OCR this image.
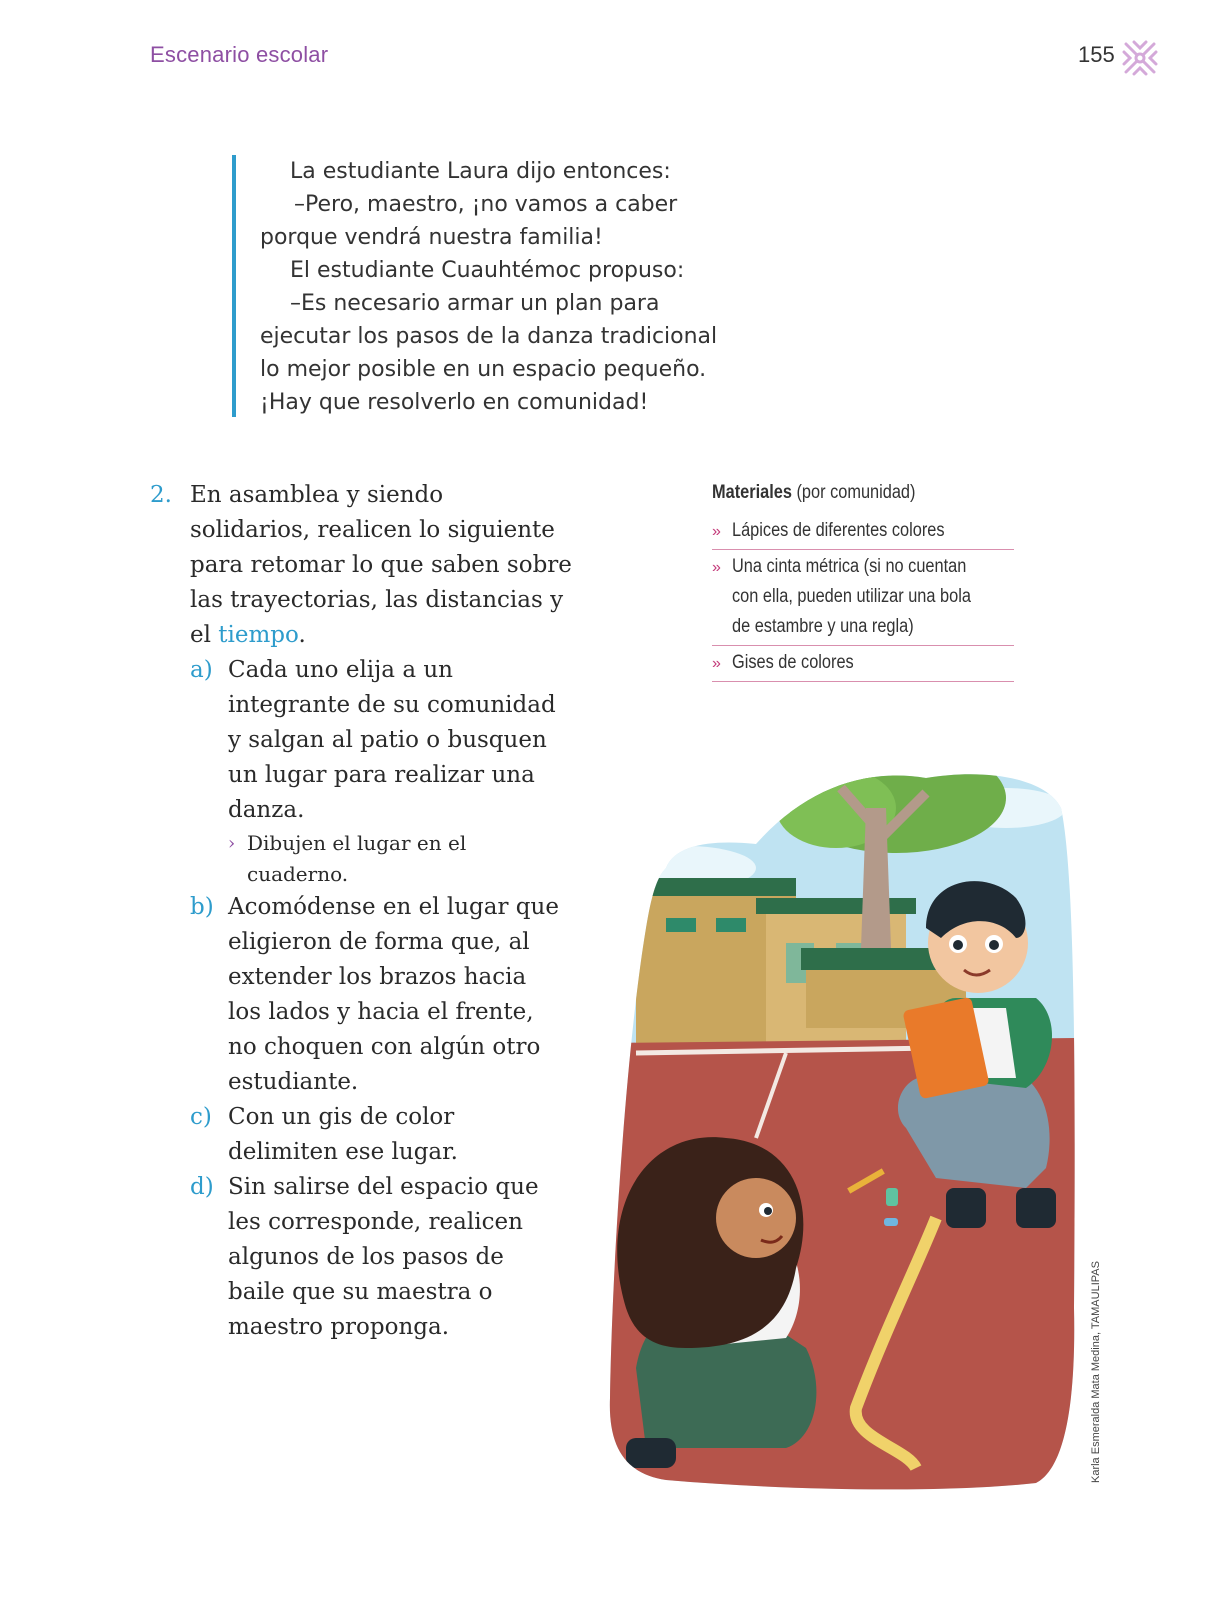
Escenario escolar	155

La estudiante Laura dijo entonces:

–Pero, maestro, ¡no vamos a caber

porque vendrá nuestra familia!

El estudiante Cuauhtémoc propuso:

–Es necesario armar un plan para

ejecutar los pasos de la danza tradicional

lo mejor posible en un espacio pequeño.

¡Hay que resolverlo en comunidad!

2. En asamblea y siendo
solidarios, realicen lo siguiente
para retomar lo que saben sobre
las trayectorias, las distancias y
el tiempo.
a) Cada uno elija a un
integrante de su comunidad
y salgan al patio o busquen
un lugar para realizar una
danza.
› Dibujen el lugar en el
cuaderno.
b) Acomódense en el lugar que
eligieron de forma que, al
extender los brazos hacia
los lados y hacia el frente,
no choquen con algún otro
estudiante.
c) Con un gis de color
delimiten ese lugar.
d) Sin salirse del espacio que
les corresponde, realicen
algunos de los pasos de
baile que su maestra o
maestro proponga.
Materiales (por comunidad)
» Lápices de diferentes colores
» Una cinta métrica (si no cuentan
con ella, pueden utilizar una bola
de estambre y una regla)
» Gises de colores
Karla Esmeralda Mata Medina, TAMAULIPAS
